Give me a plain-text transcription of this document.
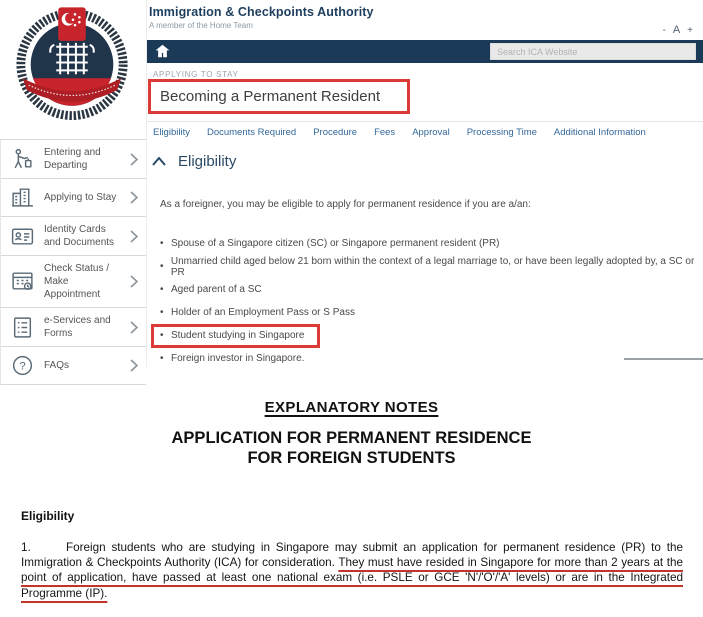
Entering and Departing
Applying to Stay
Identity Cards and Documents
Check Status / Make Appointment
e-Services and Forms
? FAQs
Immigration & Checkpoints Authority
A member of the Home Team	- A +
Search ICA Website
APPLYING TO STAY
Becoming a Permanent Resident
Eligibility Documents Required Procedure Fees Approval Processing Time Additional Information
Eligibility

As a foreigner, you may be eligible to apply for permanent residence if you are a/an:

• Spouse of a Singapore citizen (SC) or Singapore permanent resident (PR)
• Unmarried child aged below 21 born within the context of a legal marriage to, or have been legally adopted by, a SC or PR
• Aged parent of a SC
• Holder of an Employment Pass or S Pass
• Student studying in Singapore
• Foreign investor in Singapore.
EXPLANATORY NOTES
APPLICATION FOR PERMANENT RESIDENCE
FOR FOREIGN STUDENTS
Eligibility

1.	Foreign students who are studying in Singapore may submit an application for permanent residence (PR) to the Immigration & Checkpoints Authority (ICA) for consideration. They must have resided in Singapore for more than 2 years at the point of application, have passed at least one national exam (i.e. PSLE or GCE 'N'/'O'/'A' levels) or are in the Integrated Programme (IP).
